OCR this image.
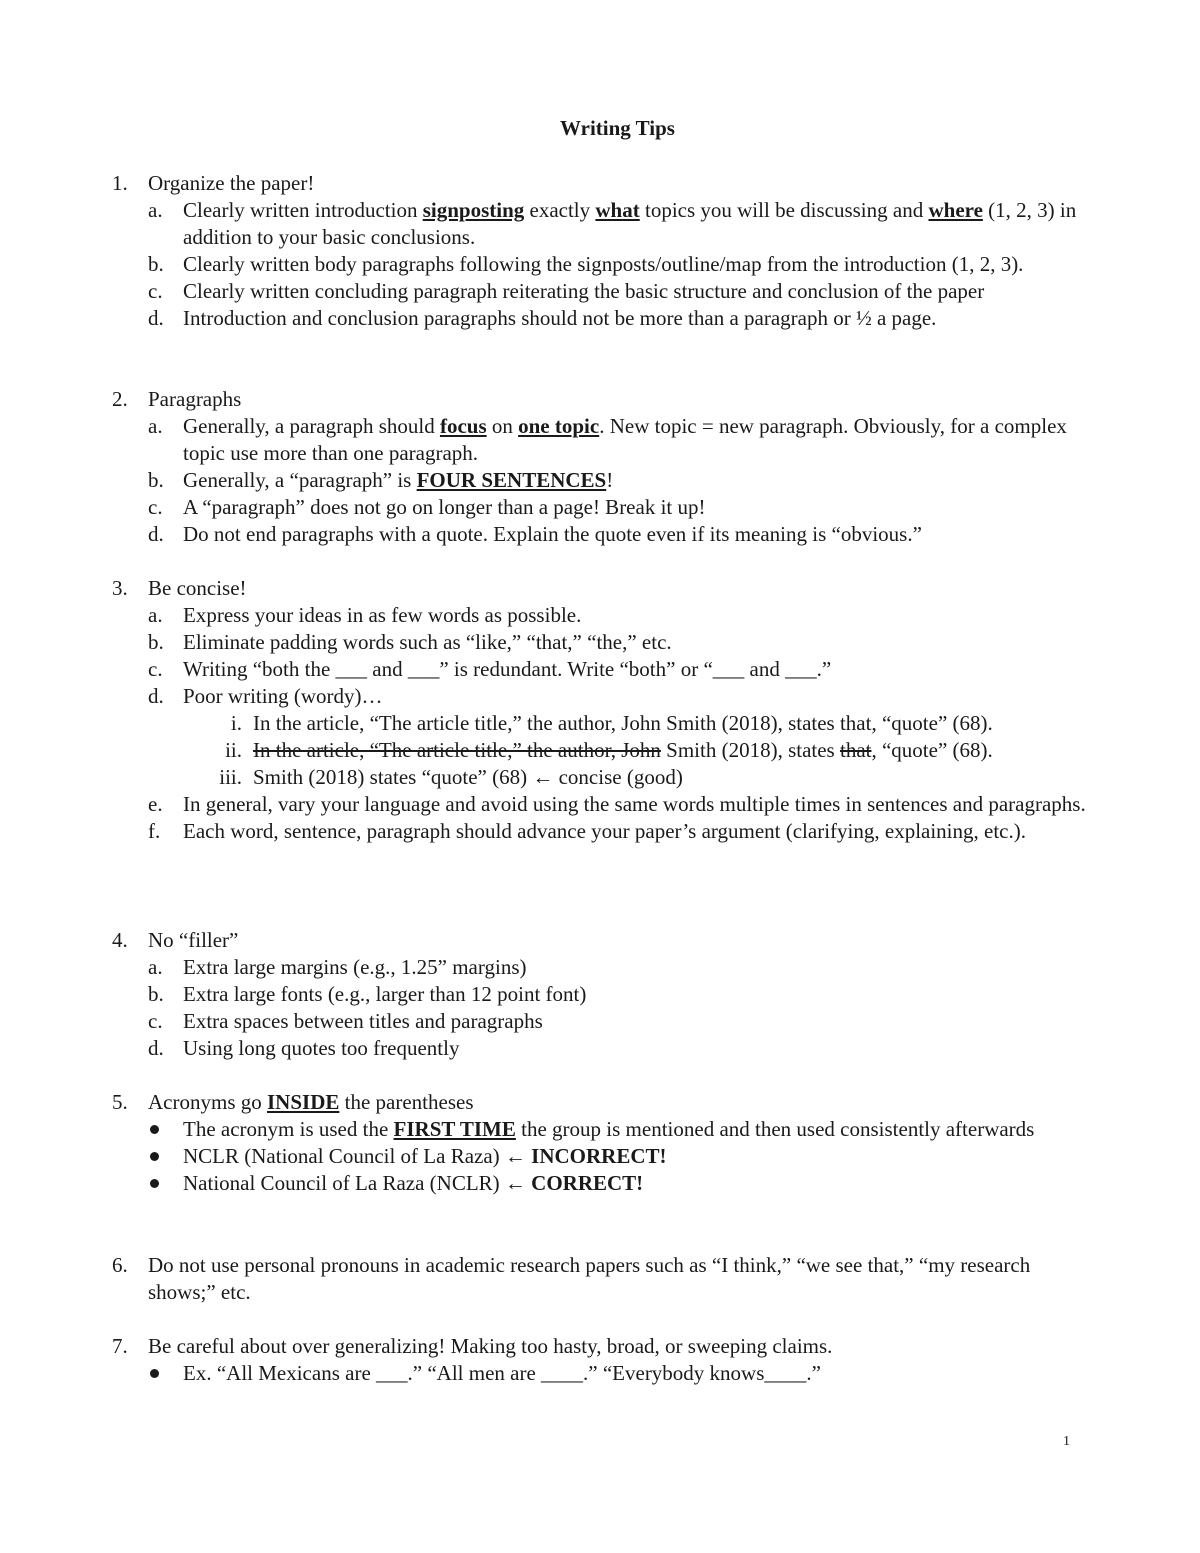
Writing Tips
1. Organize the paper!
a. Clearly written introduction signposting exactly what topics you will be discussing and where (1, 2, 3) in addition to your basic conclusions.
b. Clearly written body paragraphs following the signposts/outline/map from the introduction (1, 2, 3).
c. Clearly written concluding paragraph reiterating the basic structure and conclusion of the paper
d. Introduction and conclusion paragraphs should not be more than a paragraph or ½ a page.
2. Paragraphs
a. Generally, a paragraph should focus on one topic. New topic = new paragraph. Obviously, for a complex topic use more than one paragraph.
b. Generally, a “paragraph” is FOUR SENTENCES!
c. A “paragraph” does not go on longer than a page! Break it up!
d. Do not end paragraphs with a quote. Explain the quote even if its meaning is “obvious.”
3. Be concise!
a. Express your ideas in as few words as possible.
b. Eliminate padding words such as “like,” “that,” “the,” etc.
c. Writing “both the ___ and ___” is redundant. Write “both” or “___ and ___.”
d. Poor writing (wordy)…
i. In the article, “The article title,” the author, John Smith (2018), states that, “quote” (68).
ii. In the article, “The article title,” the author, John Smith (2018), states that, “quote” (68).
iii. Smith (2018) states “quote” (68) ← concise (good)
e. In general, vary your language and avoid using the same words multiple times in sentences and paragraphs.
f. Each word, sentence, paragraph should advance your paper’s argument (clarifying, explaining, etc.).
4. No “filler”
a. Extra large margins (e.g., 1.25” margins)
b. Extra large fonts (e.g., larger than 12 point font)
c. Extra spaces between titles and paragraphs
d. Using long quotes too frequently
5. Acronyms go INSIDE the parentheses
The acronym is used the FIRST TIME the group is mentioned and then used consistently afterwards
NCLR (National Council of La Raza) ← INCORRECT!
National Council of La Raza (NCLR) ← CORRECT!
6. Do not use personal pronouns in academic research papers such as “I think,” “we see that,” “my research shows;” etc.
7. Be careful about over generalizing! Making too hasty, broad, or sweeping claims.
Ex. “All Mexicans are ___.” “All men are ____.” “Everybody knows____.”
1
